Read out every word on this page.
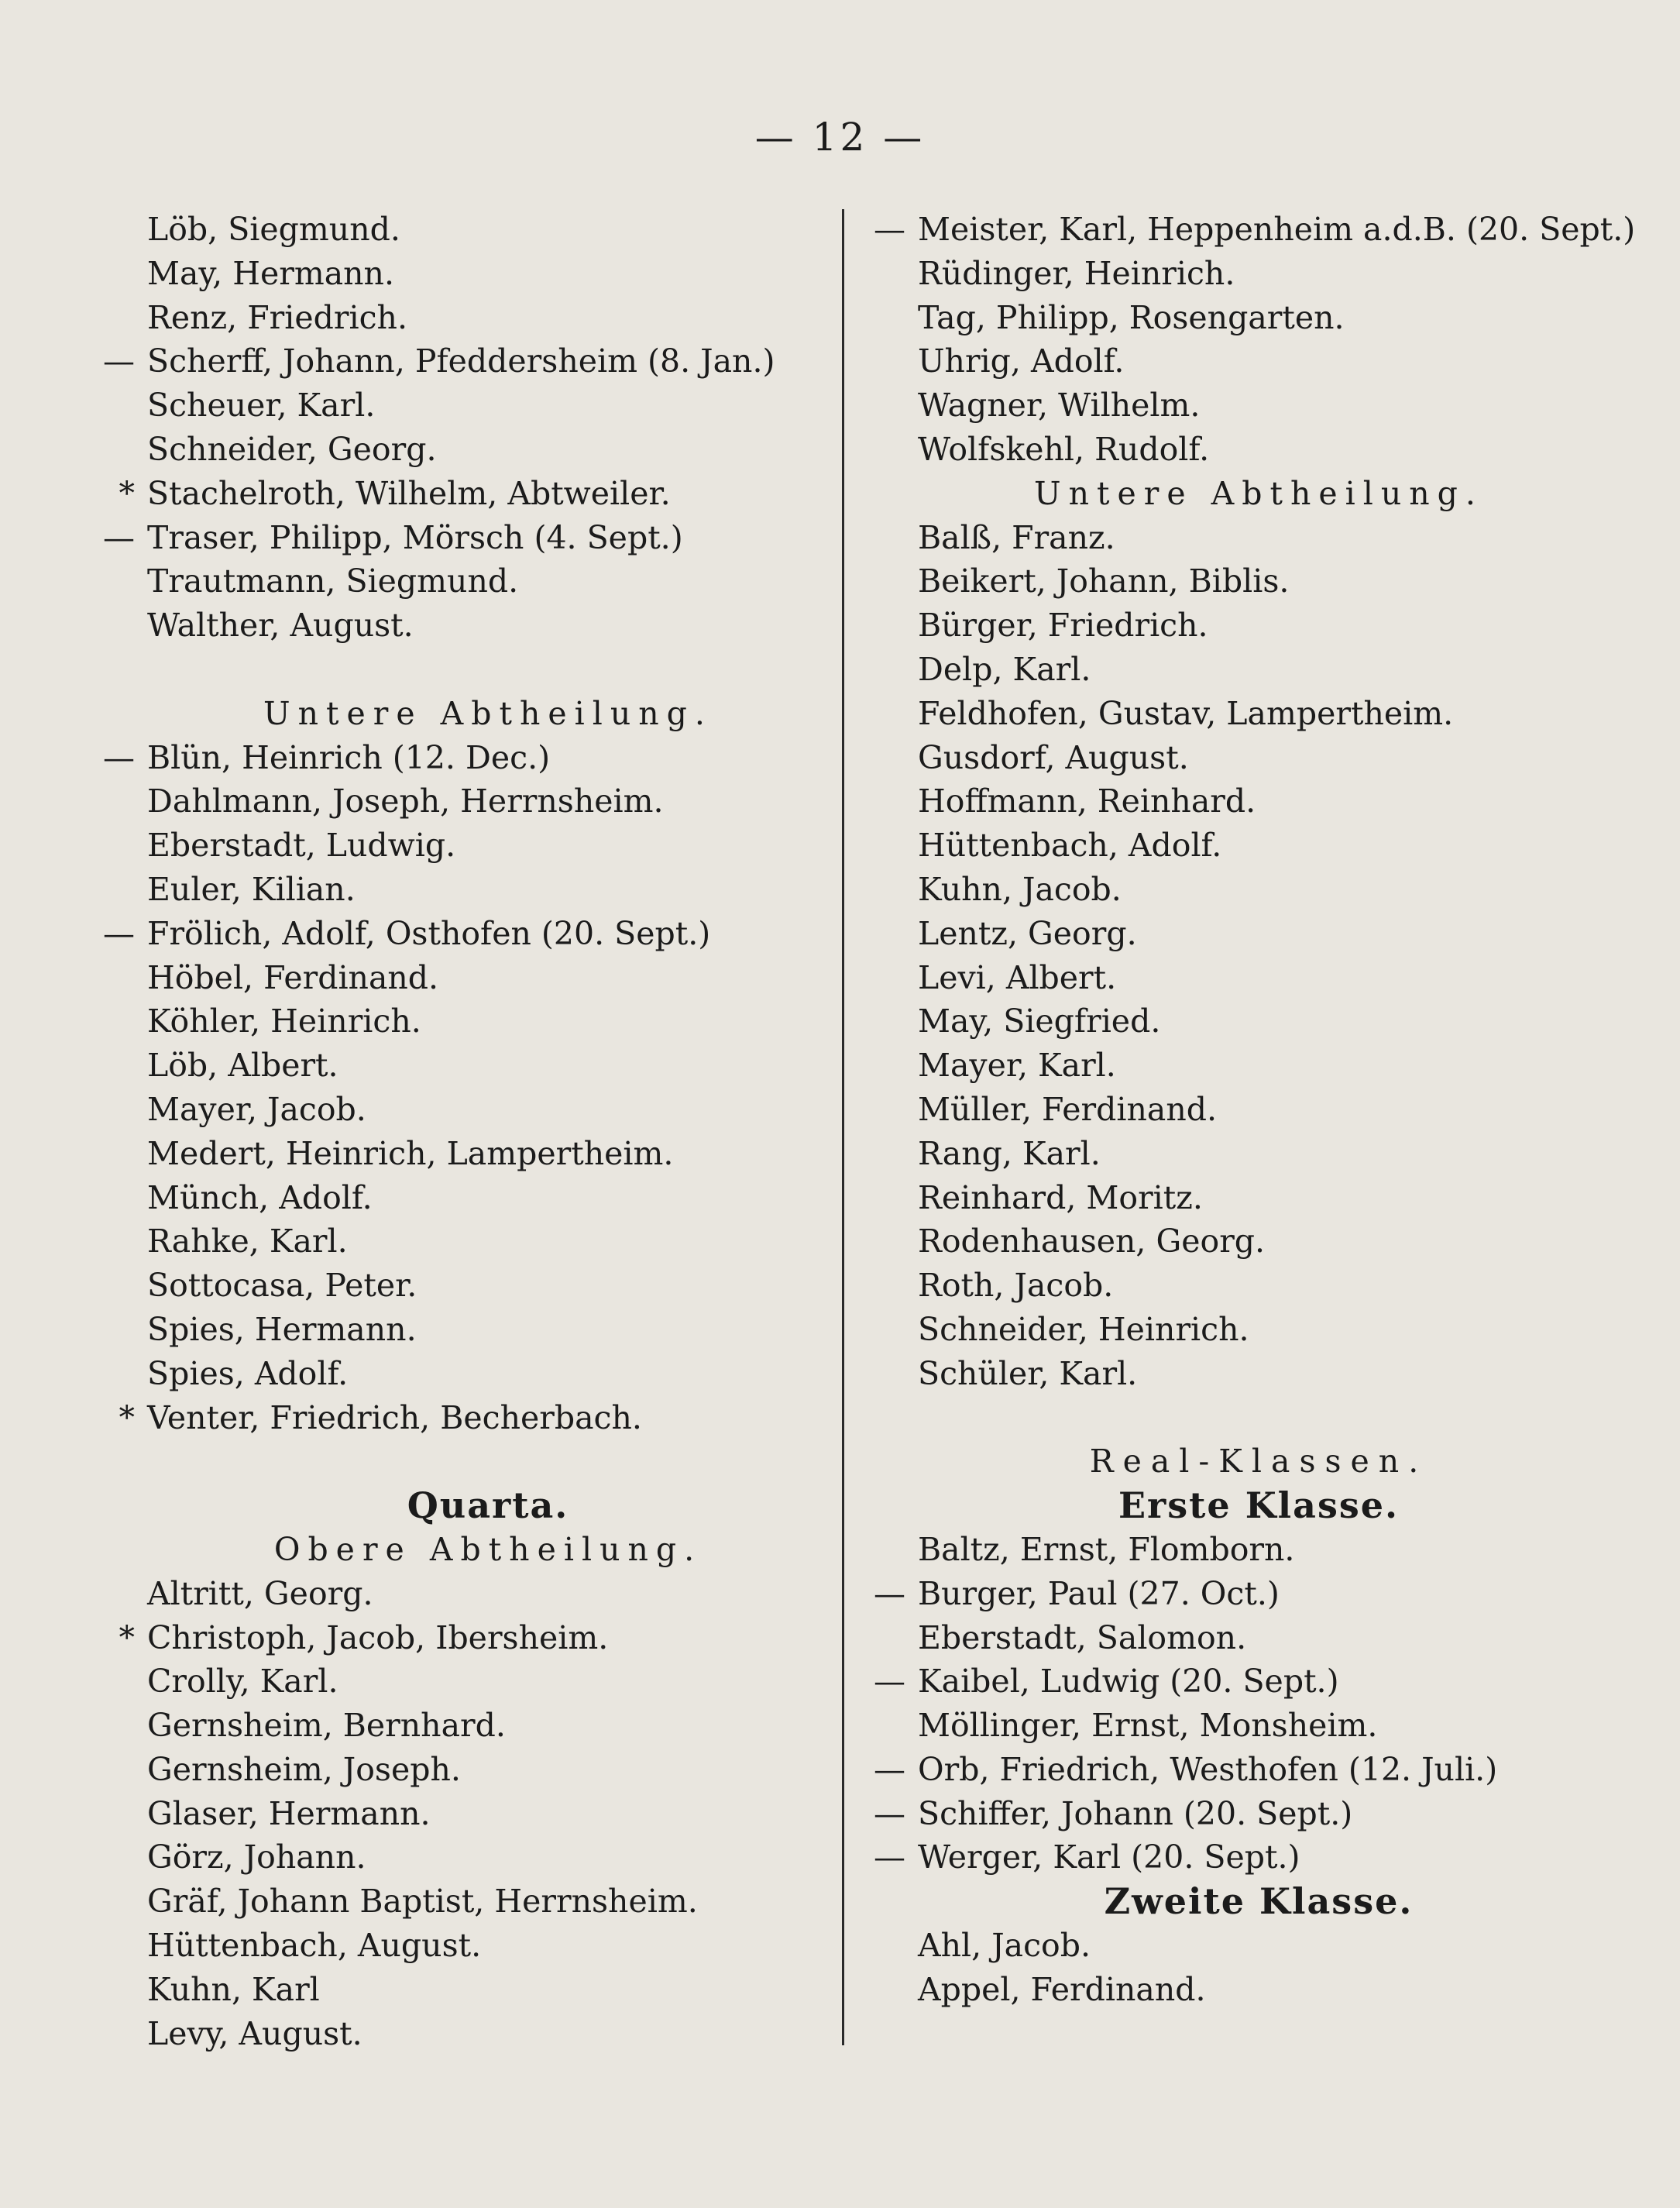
— 12 —
Löb, Siegmund.
May, Hermann.
Renz, Friedrich.
— Scherff, Johann, Pfeddersheim (8. Jan.)
Scheuer, Karl.
Schneider, Georg.
* Stachelroth, Wilhelm, Abtweiler.
— Traser, Philipp, Mörsch (4. Sept.)
Trautmann, Siegmund.
Walther, August.
Untere Abtheilung.
— Blün, Heinrich (12. Dec.)
Dahlmann, Joseph, Herrnsheim.
Eberstadt, Ludwig.
Euler, Kilian.
— Frölich, Adolf, Osthofen (20. Sept.)
Höbel, Ferdinand.
Köhler, Heinrich.
Löb, Albert.
Mayer, Jacob.
Medert, Heinrich, Lampertheim.
Münch, Adolf.
Rahke, Karl.
Sottocasa, Peter.
Spies, Hermann.
Spies, Adolf.
* Venter, Friedrich, Becherbach.
Quarta.
Obere Abtheilung.
Altritt, Georg.
* Christoph, Jacob, Ibersheim.
Crolly, Karl.
Gernsheim, Bernhard.
Gernsheim, Joseph.
Glaser, Hermann.
Görz, Johann.
Gräf, Johann Baptist, Herrnsheim.
Hüttenbach, August.
Kuhn, Karl
Levy, August.
— Meister, Karl, Heppenheim a.d.B. (20. Sept.)
Rüdinger, Heinrich.
Tag, Philipp, Rosengarten.
Uhrig, Adolf.
Wagner, Wilhelm.
Wolfskehl, Rudolf.
Untere Abtheilung.
Balß, Franz.
Beikert, Johann, Biblis.
Bürger, Friedrich.
Delp, Karl.
Feldhofen, Gustav, Lampertheim.
Gusdorf, August.
Hoffmann, Reinhard.
Hüttenbach, Adolf.
Kuhn, Jacob.
Lentz, Georg.
Levi, Albert.
May, Siegfried.
Mayer, Karl.
Müller, Ferdinand.
Rang, Karl.
Reinhard, Moritz.
Rodenhausen, Georg.
Roth, Jacob.
Schneider, Heinrich.
Schüler, Karl.
Real-Klassen.
Erste Klasse.
Baltz, Ernst, Flomborn.
— Burger, Paul (27. Oct.)
Eberstadt, Salomon.
— Kaibel, Ludwig (20. Sept.)
Möllinger, Ernst, Monsheim.
— Orb, Friedrich, Westhofen (12. Juli.)
— Schiffer, Johann (20. Sept.)
— Werger, Karl (20. Sept.)
Zweite Klasse.
Ahl, Jacob.
Appel, Ferdinand.
